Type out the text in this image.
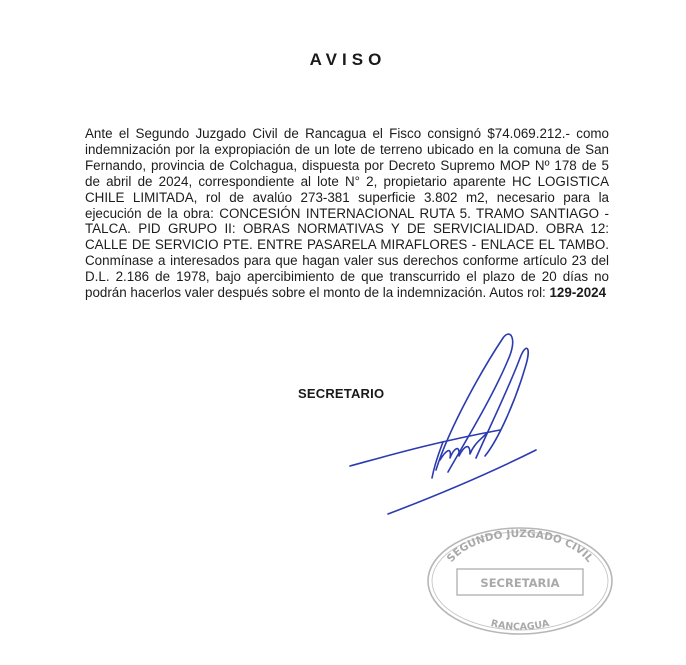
AVISO
Ante el Segundo Juzgado Civil de Rancagua el Fisco consignó $74.069.212.- como indemnización por la expropiación de un lote de terreno ubicado en la comuna de San Fernando, provincia de Colchagua, dispuesta por Decreto Supremo MOP Nº 178 de 5 de abril de 2024, correspondiente al lote N° 2, propietario aparente HC LOGISTICA CHILE LIMITADA, rol de avalúo 273-381 superficie 3.802 m2, necesario para la ejecución de la obra: CONCESIÓN INTERNACIONAL RUTA 5. TRAMO SANTIAGO - TALCA. PID GRUPO II: OBRAS NORMATIVAS Y DE SERVICIALIDAD. OBRA 12: CALLE DE SERVICIO PTE. ENTRE PASARELA MIRAFLORES - ENLACE EL TAMBO. Conmínase a interesados para que hagan valer sus derechos conforme artículo 23 del D.L. 2.186 de 1978, bajo apercibimiento de que transcurrido el plazo de 20 días no podrán hacerlos valer después sobre el monto de la indemnización. Autos rol: 129-2024
SECRETARIO
SEGUNDO JUZGADO CIVIL
SECRETARIA
RANCAGUA
